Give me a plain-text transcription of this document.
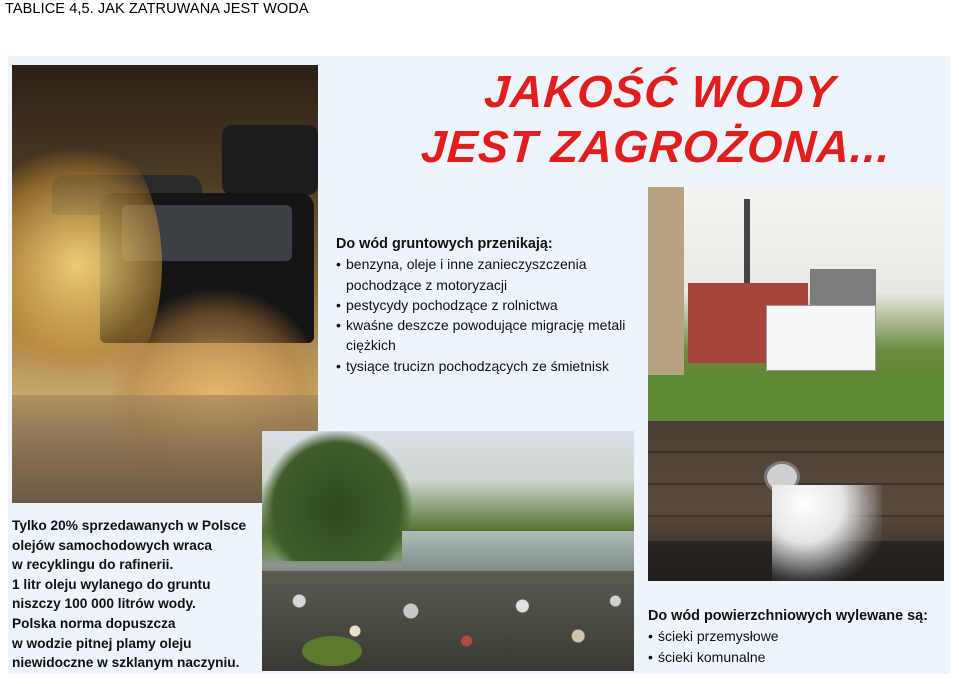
TABLICE 4,5. JAK ZATRUWANA JEST WODA
JAKOŚĆ WODY
JEST ZAGROŻONA...
Do wód gruntowych przenikają:
• benzyna, oleje i inne zanieczyszczenia pochodzące z motoryzacji
• pestycydy pochodzące z rolnictwa
• kwaśne deszcze powodujące migrację metali ciężkich
• tysiące trucizn pochodzących ze śmietnisk
Tylko 20% sprzedawanych w Polsce
olejów samochodowych wraca
w recyklingu do rafinerii.
1 litr oleju wylanego do gruntu
niszczy 100 000 litrów wody.
Polska norma dopuszcza
w wodzie pitnej plamy oleju
niewidoczne w szklanym naczyniu.
Do wód powierzchniowych wylewane są:
• ścieki przemysłowe
• ścieki komunalne
